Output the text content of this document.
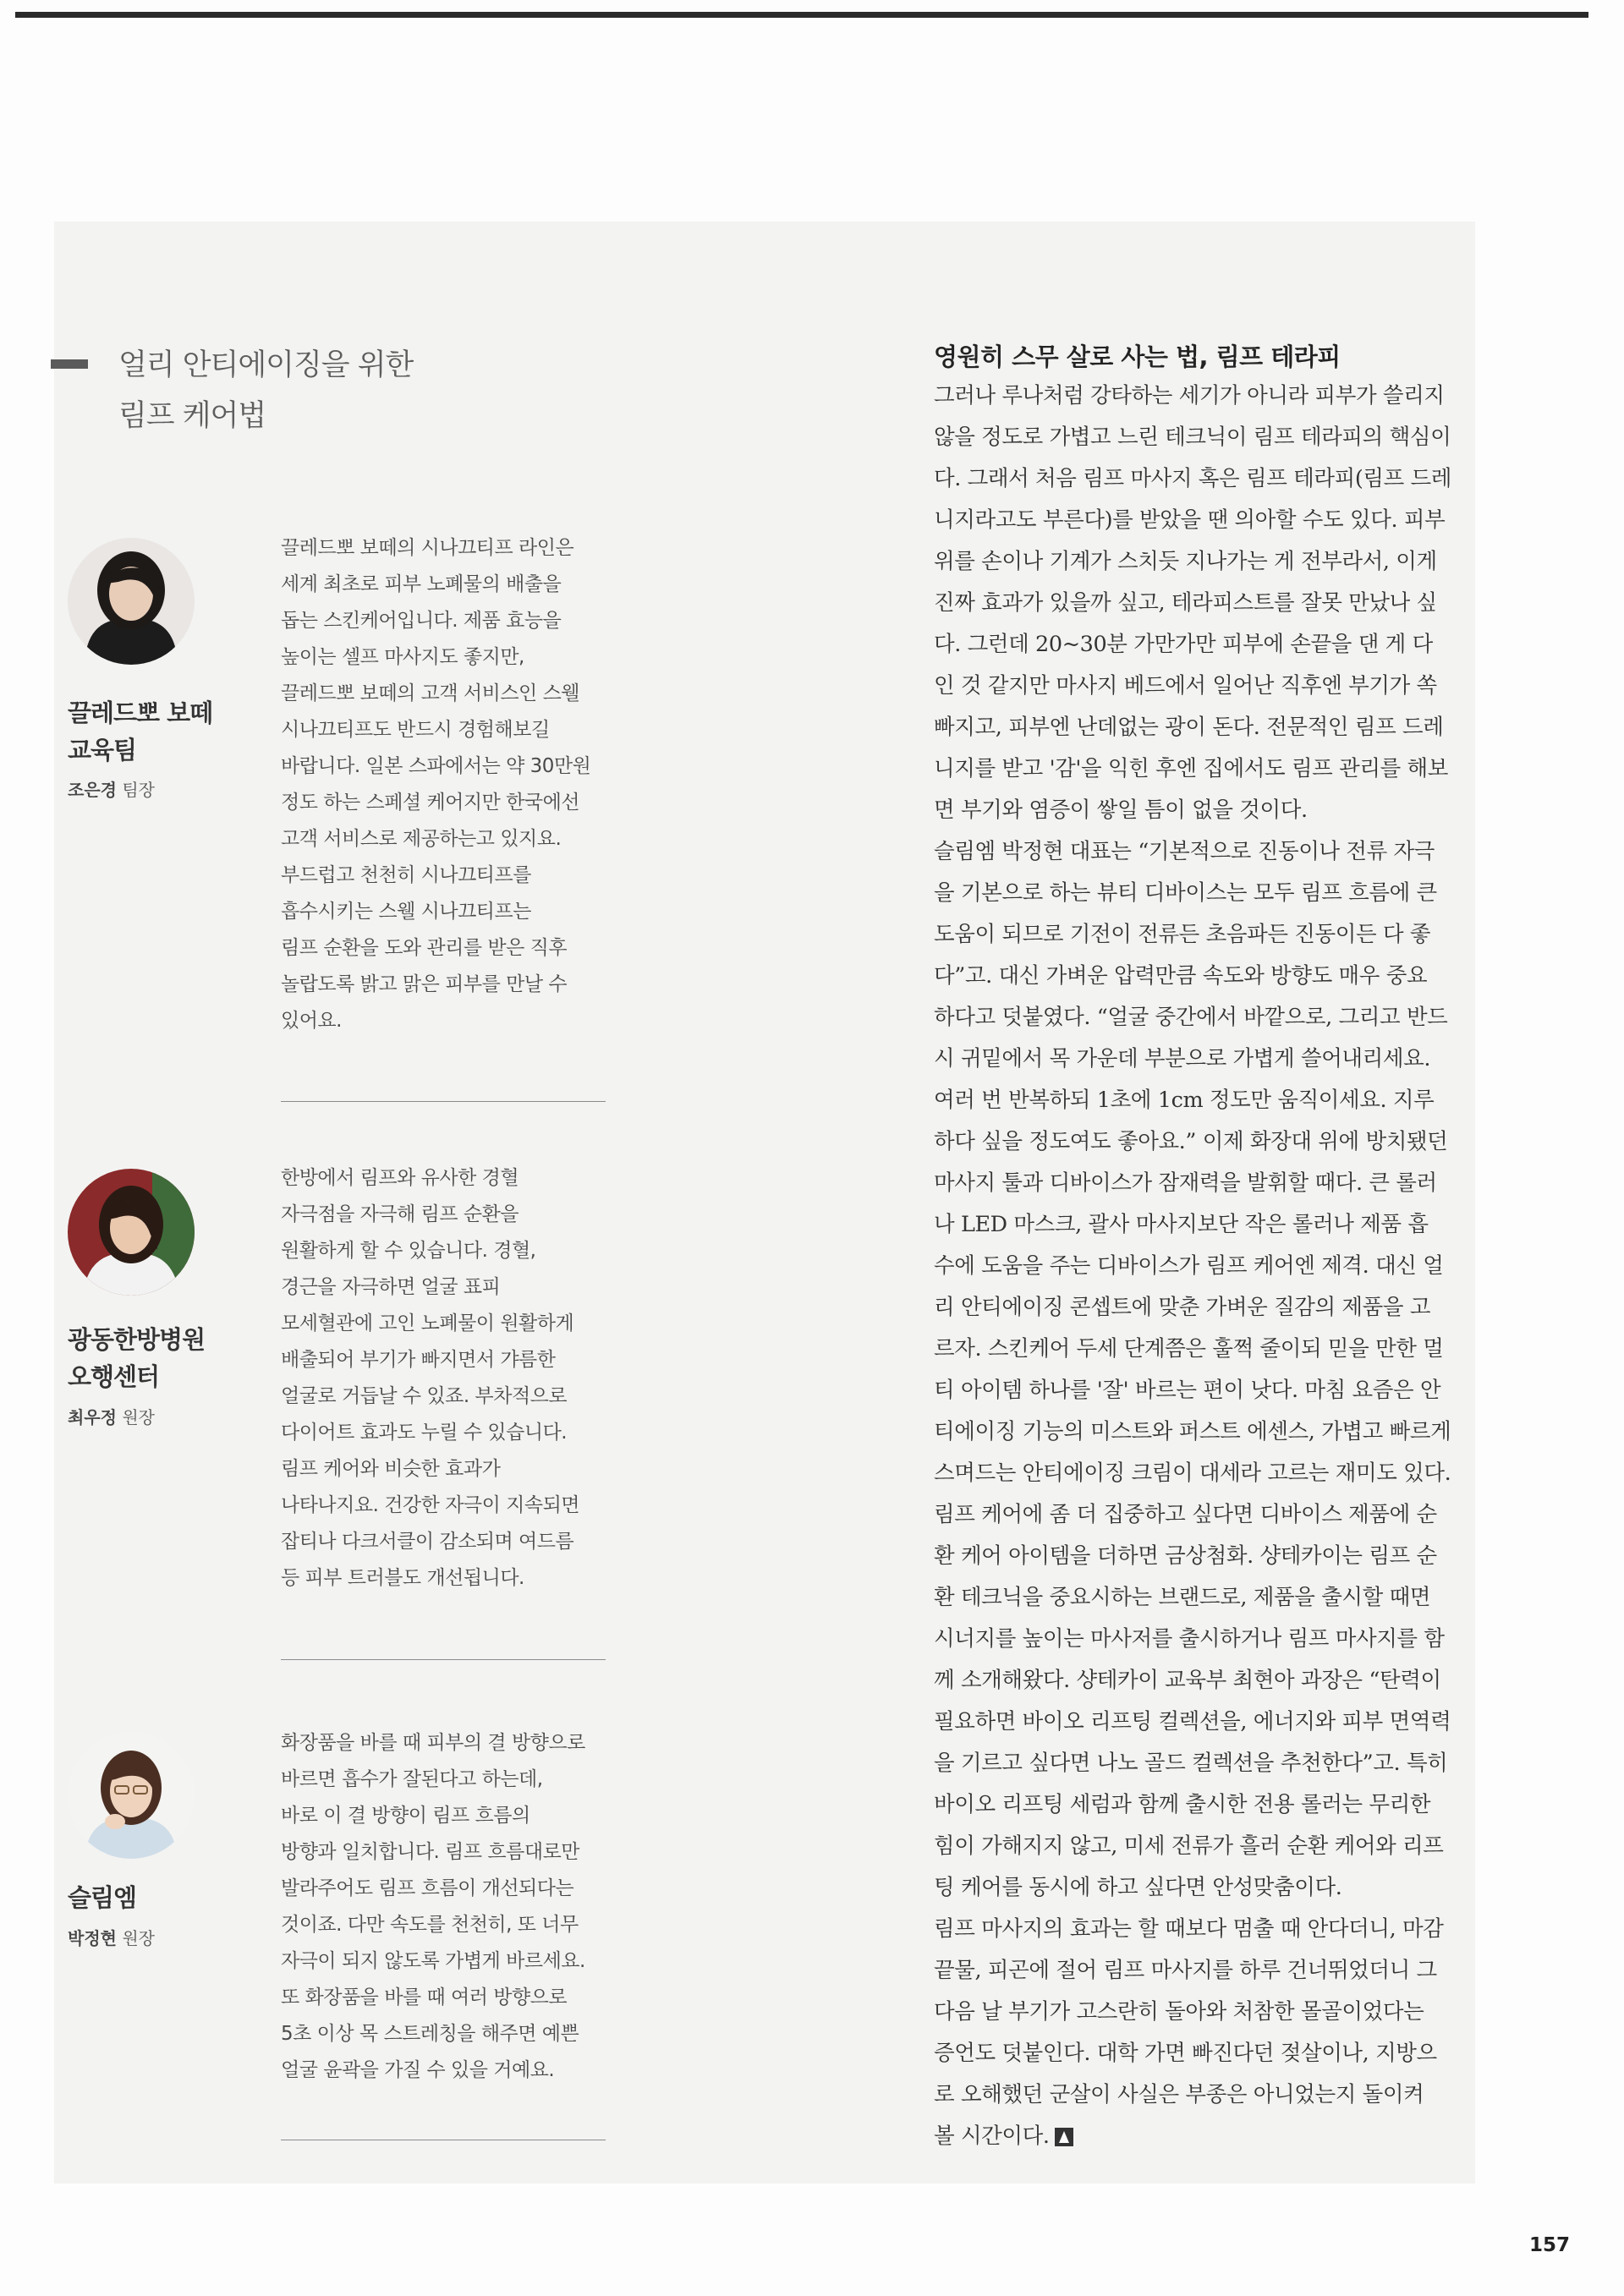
얼리 안티에이징을 위한
림프 케어법
끌레드뽀 보떼
교육팀
조은경 팀장
끌레드뽀 보떼의 시나끄티프 라인은
세계 최초로 피부 노폐물의 배출을
돕는 스킨케어입니다. 제품 효능을
높이는 셀프 마사지도 좋지만,
끌레드뽀 보떼의 고객 서비스인 스웰
시나끄티프도 반드시 경험해보길
바랍니다. 일본 스파에서는 약 30만원
정도 하는 스페셜 케어지만 한국에선
고객 서비스로 제공하는고 있지요.
부드럽고 천천히 시나끄티프를
흡수시키는 스웰 시나끄티프는
림프 순환을 도와 관리를 받은 직후
놀랍도록 밝고 맑은 피부를 만날 수
있어요.
광동한방병원
오행센터
최우정 원장
한방에서 림프와 유사한 경혈
자극점을 자극해 림프 순환을
원활하게 할 수 있습니다. 경혈,
경근을 자극하면 얼굴 표피
모세혈관에 고인 노폐물이 원활하게
배출되어 부기가 빠지면서 갸름한
얼굴로 거듭날 수 있죠. 부차적으로
다이어트 효과도 누릴 수 있습니다.
림프 케어와 비슷한 효과가
나타나지요. 건강한 자극이 지속되면
잡티나 다크서클이 감소되며 여드름
등 피부 트러블도 개선됩니다.
슬림엠
박정현 원장
화장품을 바를 때 피부의 결 방향으로
바르면 흡수가 잘된다고 하는데,
바로 이 결 방향이 림프 흐름의
방향과 일치합니다. 림프 흐름대로만
발라주어도 림프 흐름이 개선되다는
것이죠. 다만 속도를 천천히, 또 너무
자극이 되지 않도록 가볍게 바르세요.
또 화장품을 바를 때 여러 방향으로
5초 이상 목 스트레칭을 해주면 예쁜
얼굴 윤곽을 가질 수 있을 거예요.
영원히 스무 살로 사는 법, 림프 테라피
그러나 루나처럼 강타하는 세기가 아니라 피부가 쓸리지
않을 정도로 가볍고 느린 테크닉이 림프 테라피의 핵심이
다. 그래서 처음 림프 마사지 혹은 림프 테라피(림프 드레
니지라고도 부른다)를 받았을 땐 의아할 수도 있다. 피부
위를 손이나 기계가 스치듯 지나가는 게 전부라서, 이게
진짜 효과가 있을까 싶고, 테라피스트를 잘못 만났나 싶
다. 그런데 20~30분 가만가만 피부에 손끝을 댄 게 다
인 것 같지만 마사지 베드에서 일어난 직후엔 부기가 쏙
빠지고, 피부엔 난데없는 광이 돈다. 전문적인 림프 드레
니지를 받고 '감'을 익힌 후엔 집에서도 림프 관리를 해보
면 부기와 염증이 쌓일 틈이 없을 것이다.
슬림엠 박정현 대표는 “기본적으로 진동이나 전류 자극
을 기본으로 하는 뷰티 디바이스는 모두 림프 흐름에 큰
도움이 되므로 기전이 전류든 초음파든 진동이든 다 좋
다”고. 대신 가벼운 압력만큼 속도와 방향도 매우 중요
하다고 덧붙였다. “얼굴 중간에서 바깥으로, 그리고 반드
시 귀밑에서 목 가운데 부분으로 가볍게 쓸어내리세요.
여러 번 반복하되 1초에 1cm 정도만 움직이세요. 지루
하다 싶을 정도여도 좋아요.” 이제 화장대 위에 방치됐던
마사지 툴과 디바이스가 잠재력을 발휘할 때다. 큰 롤러
나 LED 마스크, 괄사 마사지보단 작은 롤러나 제품 흡
수에 도움을 주는 디바이스가 림프 케어엔 제격. 대신 얼
리 안티에이징 콘셉트에 맞춘 가벼운 질감의 제품을 고
르자. 스킨케어 두세 단계쯤은 훌쩍 줄이되 믿을 만한 멀
티 아이템 하나를 '잘' 바르는 편이 낫다. 마침 요즘은 안
티에이징 기능의 미스트와 퍼스트 에센스, 가볍고 빠르게
스며드는 안티에이징 크림이 대세라 고르는 재미도 있다.
림프 케어에 좀 더 집중하고 싶다면 디바이스 제품에 순
환 케어 아이템을 더하면 금상첨화. 샹테카이는 림프 순
환 테크닉을 중요시하는 브랜드로, 제품을 출시할 때면
시너지를 높이는 마사저를 출시하거나 림프 마사지를 함
께 소개해왔다. 샹테카이 교육부 최현아 과장은 “탄력이
필요하면 바이오 리프팅 컬렉션을, 에너지와 피부 면역력
을 기르고 싶다면 나노 골드 컬렉션을 추천한다”고. 특히
바이오 리프팅 세럼과 함께 출시한 전용 롤러는 무리한
힘이 가해지지 않고, 미세 전류가 흘러 순환 케어와 리프
팅 케어를 동시에 하고 싶다면 안성맞춤이다.
림프 마사지의 효과는 할 때보다 멈출 때 안다더니, 마감
끝물, 피곤에 절어 림프 마사지를 하루 건너뛰었더니 그
다음 날 부기가 고스란히 돌아와 처참한 몰골이었다는
증언도 덧붙인다. 대학 가면 빠진다던 젖살이나, 지방으
로 오해했던 군살이 사실은 부종은 아니었는지 돌이켜
볼 시간이다.
157
